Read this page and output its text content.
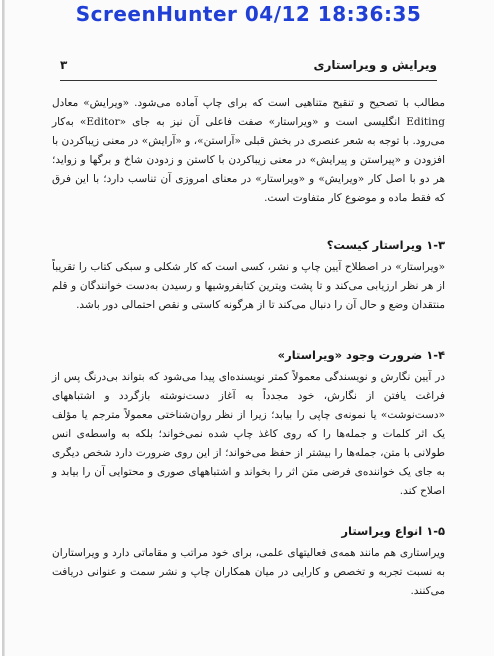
ScreenHunter 04/12 18:36:35
ویرایش و ویراستاری
۳

مطالب با تصحیح و تنقیح متناهیی است که برای چاپ آماده می‌شود. «ویرایش» معادل Editing انگلیسی است و «ویراستار» صفت فاعلی آن نیز به جای «Editor» به‌کار می‌رود. با توجه به شعر عنصری در بخش قبلی «آراستن»، و «آرایش» در معنی زیباکردن با افزودن و «پیراستن و پیرایش» در معنی زیباکردن با کاستن و زدودن شاخ و برگها و زواید؛ هر دو با اصل کار «ویرایش» و «ویراستار» در معنای امروزی آن تناسب دارد؛ با این فرق که فقط ماده و موضوع کار متفاوت است.

۱-۳ ویراستار کیست؟

«ویراستار» در اصطلاح آیین چاپ و نشر، کسی است که کار شکلی و سبکی کتاب را تقریباً از هر نظر ارزیابی می‌کند و تا پشت ویترین کتابفروشیها و رسیدن به‌دست خوانندگان و قلم منتقدان وضع و حال آن را دنبال می‌کند تا از هرگونه کاستی و نقص احتمالی دور باشد.

۱-۴ ضرورت وجود «ویراستار»

در آیین نگارش و نویسندگی معمولاً کمتر نویسنده‌ای پیدا می‌شود که بتواند بی‌درنگ پس از فراغت یافتن از نگارش، خود مجدداً به آغاز دست‌نوشته بازگردد و اشتباههای «دست‌نوشت» یا نمونه‌ی چاپی را بیابد؛ زیرا از نظر روان‌شناختی معمولاً مترجم یا مؤلف یک اثر کلمات و جمله‌ها را که روی کاغذ چاپ شده نمی‌خواند؛ بلکه به واسطه‌ی انس طولانی با متن، جمله‌ها را بیشتر از حفظ می‌خواند؛ از این روی ضرورت دارد شخص دیگری به جای یک خواننده‌ی فرضی متن اثر را بخواند و اشتباههای صوری و محتوایی آن را بیابد و اصلاح کند.

۱-۵ انواع ویراستار

ویراستاری هم مانند همه‌ی فعالیتهای علمی، برای خود مراتب و مقاماتی دارد و ویراستاران به نسبت تجربه و تخصص و کارایی در میان همکاران چاپ و نشر سمت و عنوانی دریافت می‌کنند.
